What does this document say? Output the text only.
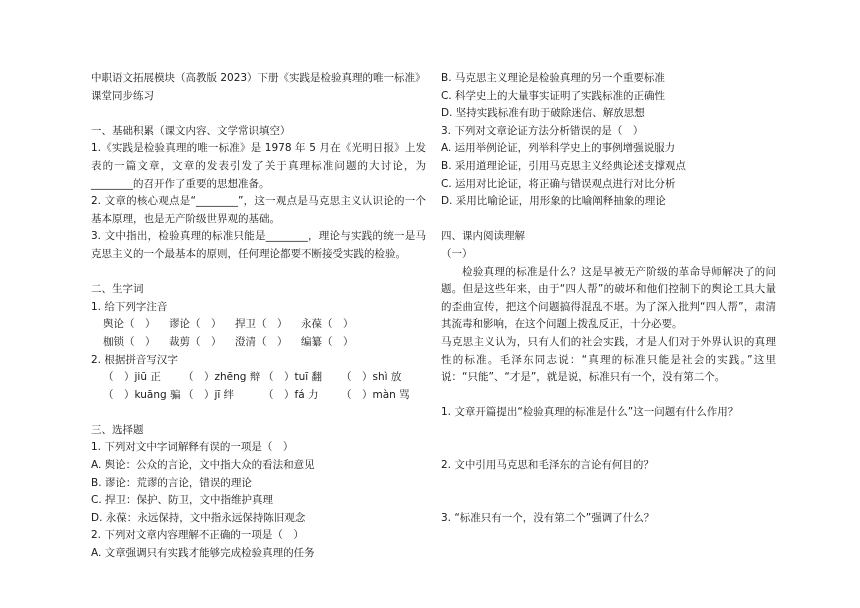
中职语文拓展模块（高教版 2023）下册《实践是检验真理的唯一标准》
课堂同步练习
一、基础积累（课文内容、文学常识填空）
1.《实践是检验真理的唯一标准》是 1978 年 5 月在《光明日报》上发表的一篇文章，文章的发表引发了关于真理标准问题的大讨论，为________的召开作了重要的思想准备。
2. 文章的核心观点是“________”，这一观点是马克思主义认识论的一个基本原理，也是无产阶级世界观的基础。
3. 文中指出，检验真理的标准只能是________，理论与实践的统一是马克思主义的一个最基本的原则，任何理论都要不断接受实践的检验。
二、生字词
1. 给下列字注音
舆论（　）	谬论（　）	捍卫（　）	永葆（　）
枷锁（　）	裁剪（　）	澄清（　）	编纂（　）
2. 根据拼音写汉字
（　）jiū 正	（　）zhēng 辩 （　）tuī 翻	（　）shì 放
（　）kuāng 骗 （　）jī 绊	（　）fá 力	（　）màn 骂
三、选择题
1. 下列对文中字词解释有误的一项是（　）
A. 舆论：公众的言论，文中指大众的看法和意见
B. 谬论：荒谬的言论，错误的理论
C. 捍卫：保护、防卫，文中指维护真理
D. 永葆：永远保持，文中指永远保持陈旧观念
2. 下列对文章内容理解不正确的一项是（　）
A. 文章强调只有实践才能够完成检验真理的任务
B. 马克思主义理论是检验真理的另一个重要标准
C. 科学史上的大量事实证明了实践标准的正确性
D. 坚持实践标准有助于破除迷信、解放思想
3. 下列对文章论证方法分析错误的是（　）
A. 运用举例论证，列举科学史上的事例增强说服力
B. 采用道理论证，引用马克思主义经典论述支撑观点
C. 运用对比论证，将正确与错误观点进行对比分析
D. 采用比喻论证，用形象的比喻阐释抽象的理论
四、课内阅读理解
（一）
检验真理的标准是什么？这是早被无产阶级的革命导师解决了的问题。但是这些年来，由于“四人帮”的破坏和他们控制下的舆论工具大量的歪曲宣传，把这个问题搞得混乱不堪。为了深入批判“四人帮”，肃清其流毒和影响，在这个问题上拨乱反正，十分必要。
马克思主义认为，只有人们的社会实践，才是人们对于外界认识的真理性的标准。毛泽东同志说：“真理的标准只能是社会的实践。”这里说：“只能”、“才是”，就是说，标准只有一个，没有第二个。
1. 文章开篇提出“检验真理的标准是什么”这一问题有什么作用？
2. 文中引用马克思和毛泽东的言论有何目的？
3. “标准只有一个，没有第二个”强调了什么？
